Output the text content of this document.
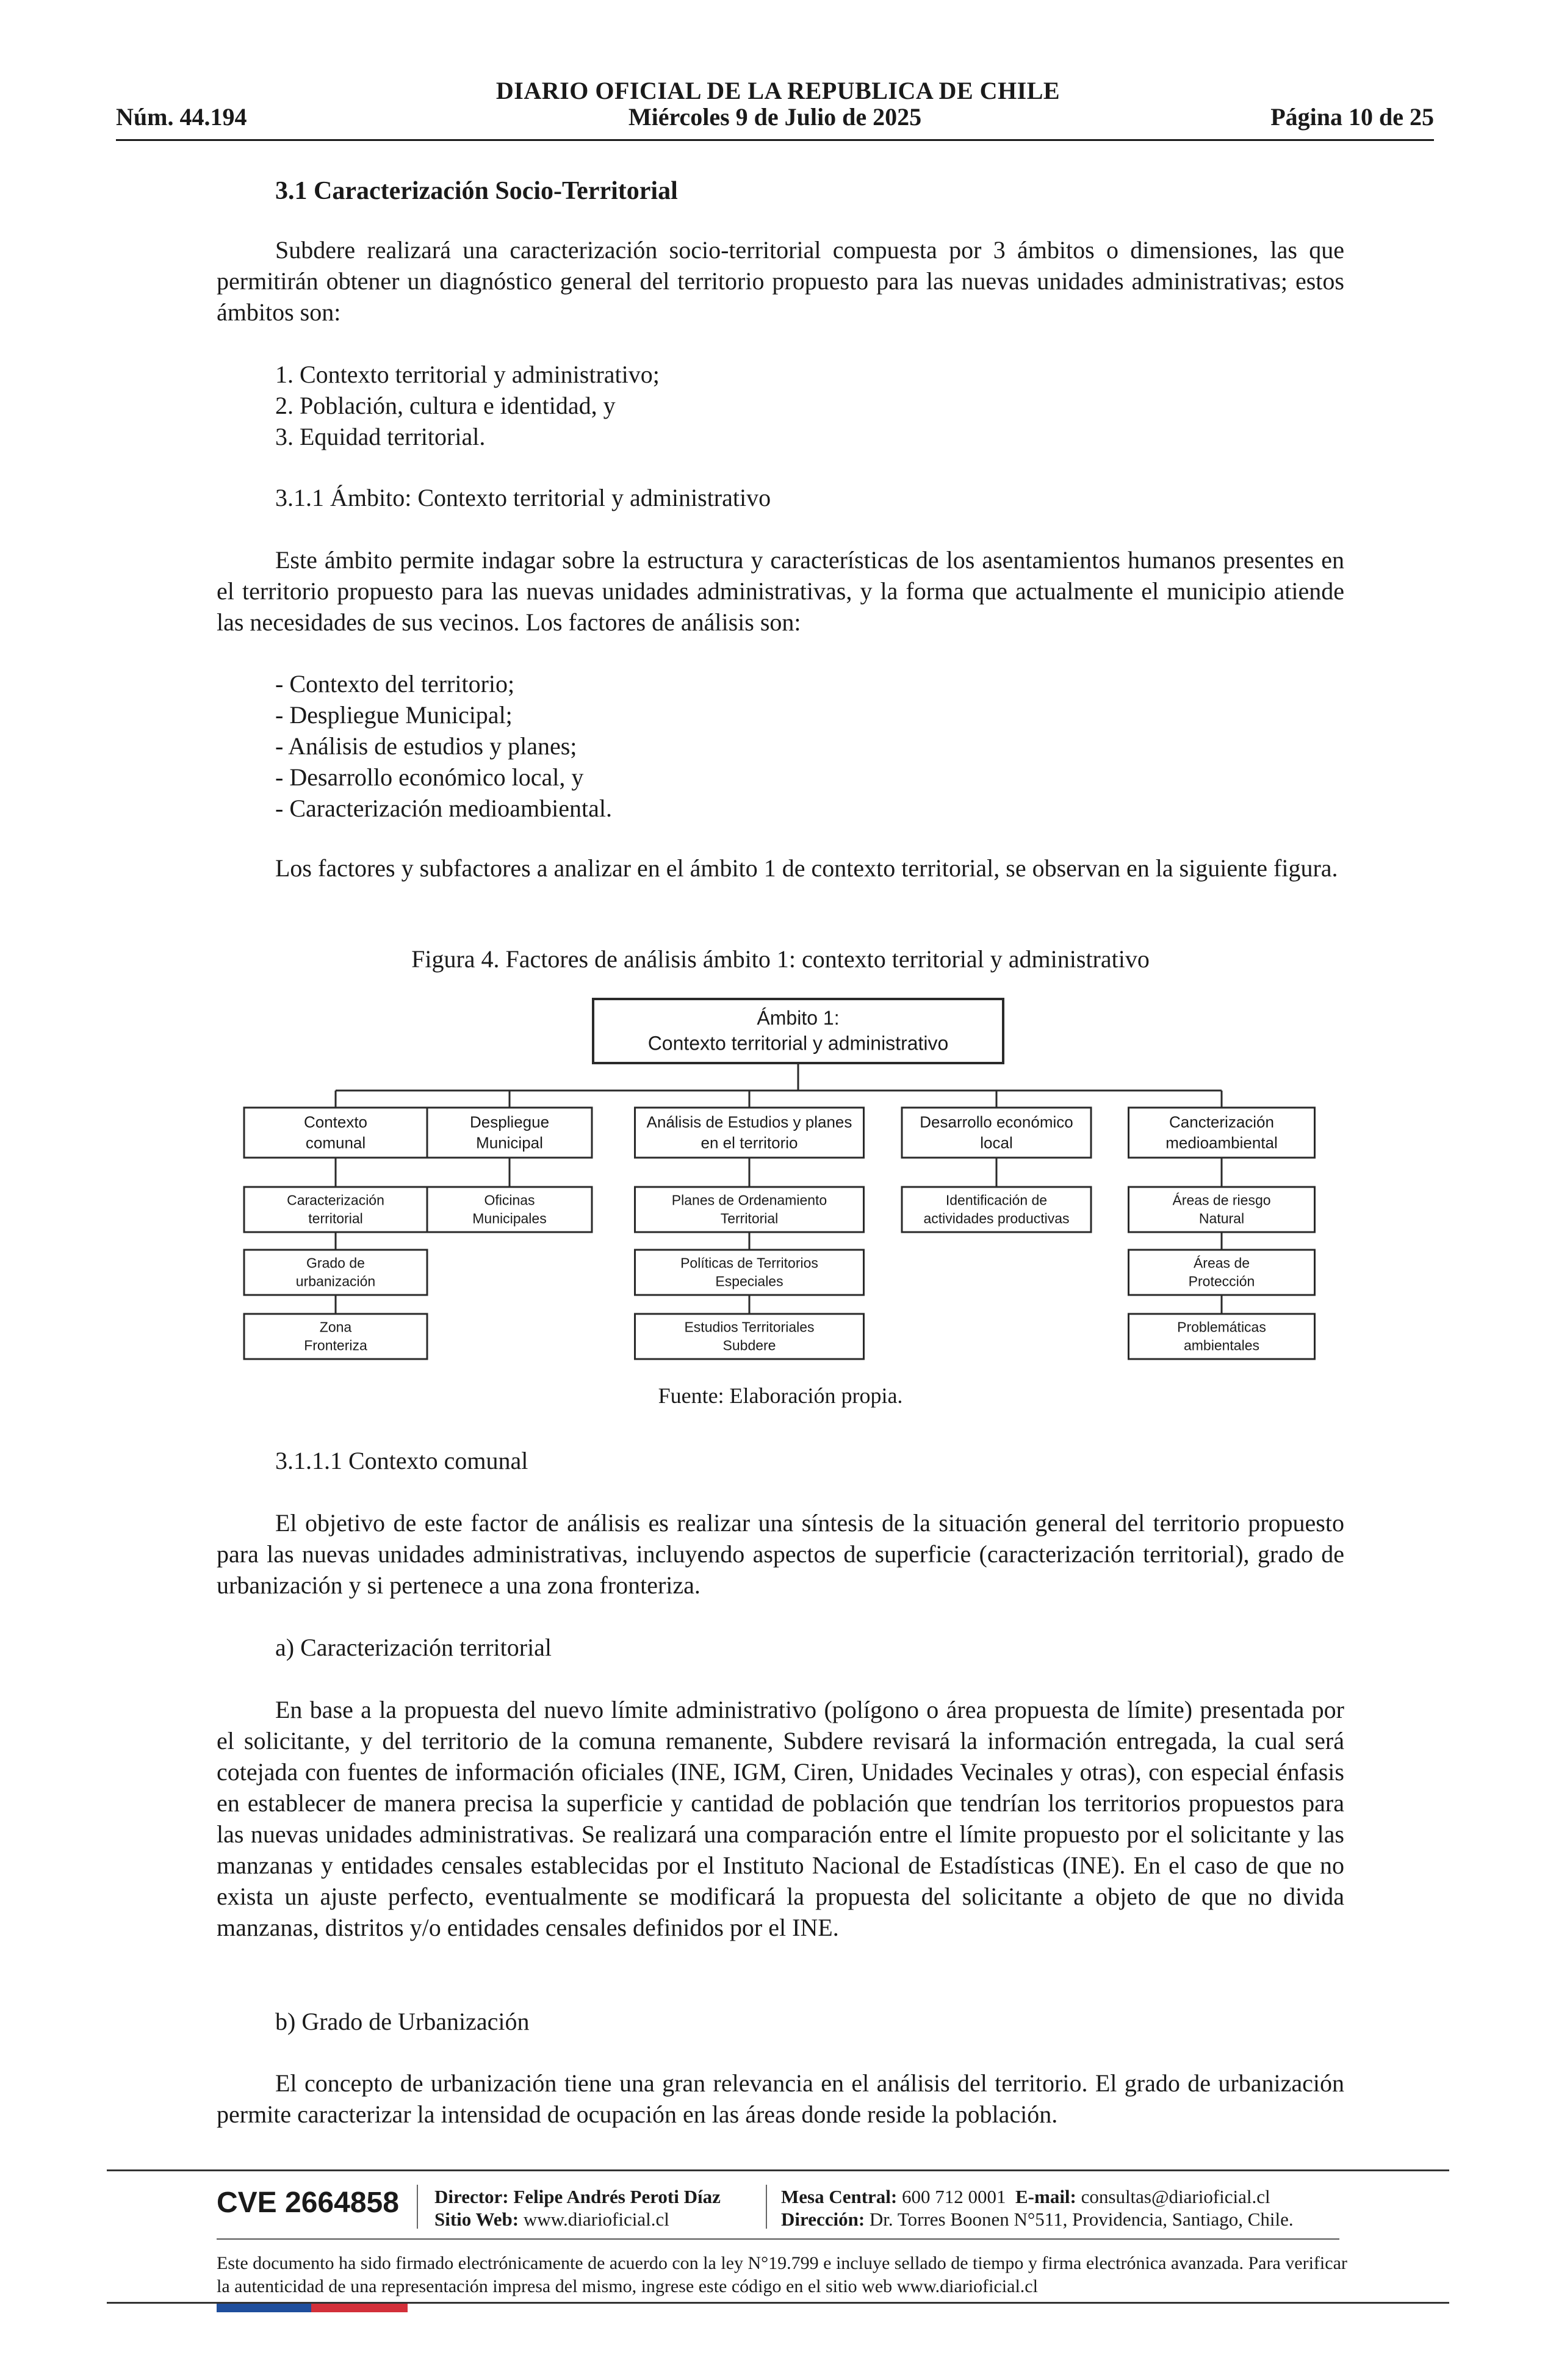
DIARIO OFICIAL DE LA REPUBLICA DE CHILE
Núm. 44.194	Miércoles 9 de Julio de 2025	Página 10 de 25
3.1 Caracterización Socio-Territorial

Subdere realizará una caracterización socio-territorial compuesta por 3 ámbitos o dimensiones, las que permitirán obtener un diagnóstico general del territorio propuesto para las nuevas unidades administrativas; estos ámbitos son:

1. Contexto territorial y administrativo;
2. Población, cultura e identidad, y
3. Equidad territorial.
3.1.1 Ámbito: Contexto territorial y administrativo

Este ámbito permite indagar sobre la estructura y características de los asentamientos humanos presentes en el territorio propuesto para las nuevas unidades administrativas, y la forma que actualmente el municipio atiende las necesidades de sus vecinos. Los factores de análisis son:

- Contexto del territorio;
- Despliegue Municipal;
- Análisis de estudios y planes;
- Desarrollo económico local, y
- Caracterización medioambiental.

Los factores y subfactores a analizar en el ámbito 1 de contexto territorial, se observan en la siguiente figura.

Figura 4. Factores de análisis ámbito 1: contexto territorial y administrativo
Ámbito 1:
Contexto territorial y administrativo
Contexto
comunal
Caracterización
territorial
Grado de
urbanización
Zona
Fronteriza
Despliegue
Municipal
Oficinas
Municipales
Análisis de Estudios y planes
en el territorio
Planes de Ordenamiento
Territorial
Políticas de Territorios
Especiales
Estudios Territoriales
Subdere
Desarrollo económico
local
Identificación de
actividades productivas
Cancterización
medioambiental
Áreas de riesgo
Natural
Áreas de
Protección
Problemáticas
ambientales
Fuente: Elaboración propia.
3.1.1.1 Contexto comunal

El objetivo de este factor de análisis es realizar una síntesis de la situación general del territorio propuesto para las nuevas unidades administrativas, incluyendo aspectos de superficie (caracterización territorial), grado de urbanización y si pertenece a una zona fronteriza.

a) Caracterización territorial

En base a la propuesta del nuevo límite administrativo (polígono o área propuesta de límite) presentada por el solicitante, y del territorio de la comuna remanente, Subdere revisará la información entregada, la cual será cotejada con fuentes de información oficiales (INE, IGM, Ciren, Unidades Vecinales y otras), con especial énfasis en establecer de manera precisa la superficie y cantidad de población que tendrían los territorios propuestos para las nuevas unidades administrativas. Se realizará una comparación entre el límite propuesto por el solicitante y las manzanas y entidades censales establecidas por el Instituto Nacional de Estadísticas (INE). En el caso de que no exista un ajuste perfecto, eventualmente se modificará la propuesta del solicitante a objeto de que no divida manzanas, distritos y/o entidades censales definidos por el INE.

b) Grado de Urbanización

El concepto de urbanización tiene una gran relevancia en el análisis del territorio. El grado de urbanización permite caracterizar la intensidad de ocupación en las áreas donde reside la población.

CVE 2664858 Director: Felipe Andrés Peroti Díaz
Sitio Web: www.diarioficial.cl
Mesa Central: 600 712 0001 E-mail: consultas@diarioficial.cl
Dirección: Dr. Torres Boonen N°511, Providencia, Santiago, Chile.
Este documento ha sido firmado electrónicamente de acuerdo con la ley N°19.799 e incluye sellado de tiempo y firma electrónica avanzada. Para verificar la autenticidad de una representación impresa del mismo, ingrese este código en el sitio web www.diarioficial.cl
